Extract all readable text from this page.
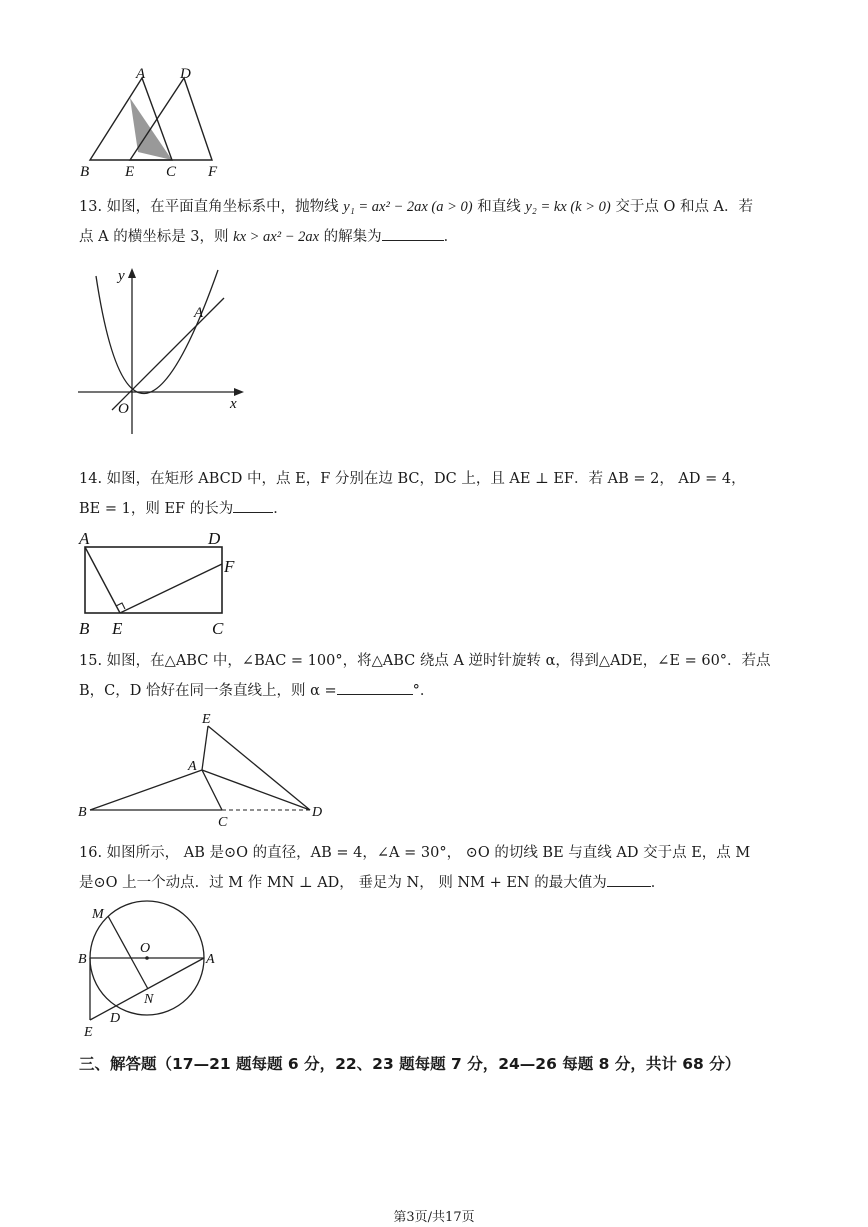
A D
B E C F
13. 如图，在平面直角坐标系中，抛物线 y₁ = ax² − 2ax (a > 0) 和直线 y₂ = kx (k > 0) 交于点 O 和点 A．若
点 A 的横坐标是 3，则 kx > ax² − 2ax 的解集为	．
y
x
O
A
14. 如图，在矩形 ABCD 中，点 E，F 分别在边 BC，DC 上，且 AE ⊥ EF．若 AB = 2， AD = 4，
BE = 1，则 EF 的长为	．
A	D
F
B E	C
15. 如图，在△ABC 中，∠BAC = 100°，将△ABC 绕点 A 逆时针旋转 α，得到△ADE，∠E = 60°．若点
B，C，D 恰好在同一条直线上，则 α =	°．
E
A
B
C
D
16. 如图所示， AB 是⊙O 的直径，AB = 4，∠A = 30°， ⊙O 的切线 BE 与直线 AD 交于点 E，点 M
是⊙O 上一个动点．过 M 作 MN ⊥ AD， 垂足为 N， 则 NM + EN 的最大值为	．
M
O
B	A
N
D
E
三、解答题（17—21 题每题 6 分，22、23 题每题 7 分，24—26 每题 8 分，共计 68 分）
第3页/共17页
